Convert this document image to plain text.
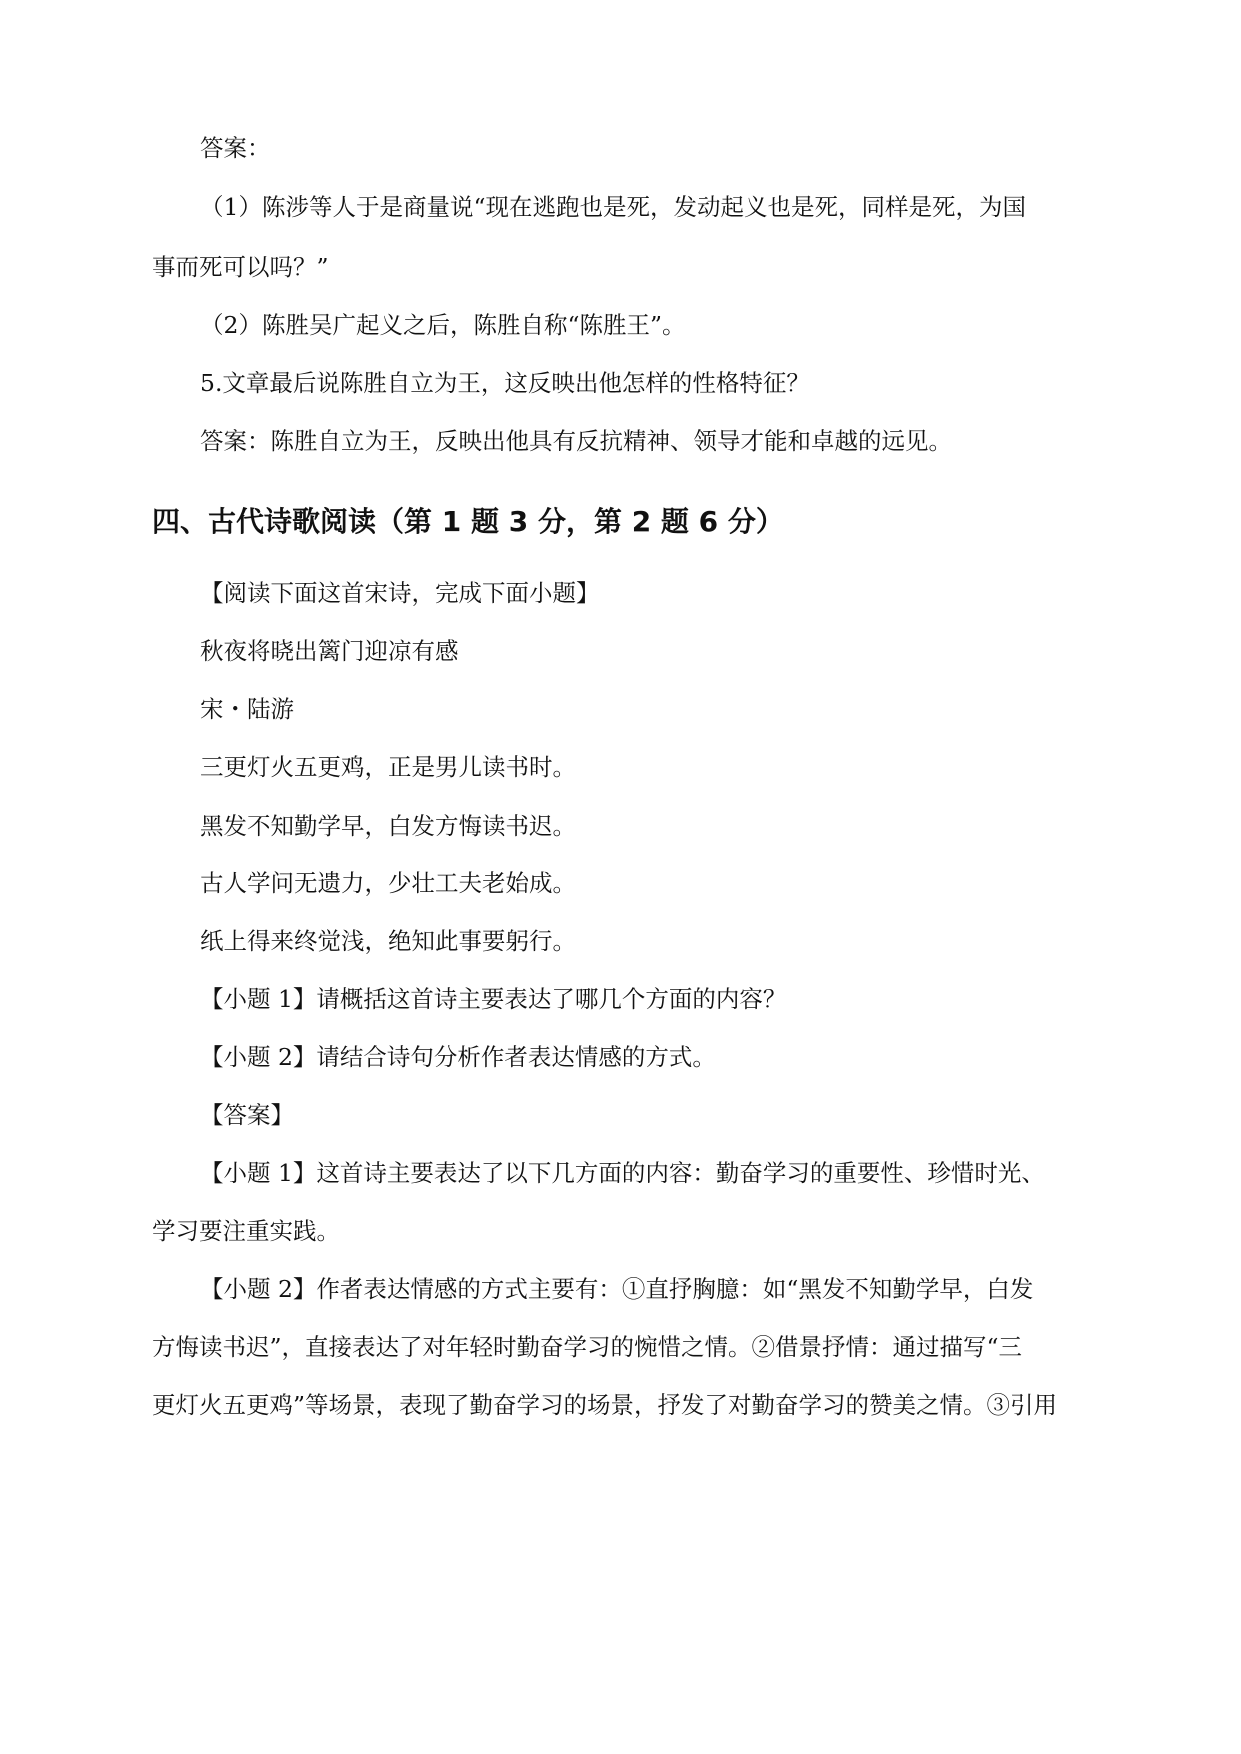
答案：
（1）陈涉等人于是商量说“现在逃跑也是死，发动起义也是死，同样是死，为国
事而死可以吗？”
（2）陈胜吴广起义之后，陈胜自称“陈胜王”。
5.文章最后说陈胜自立为王，这反映出他怎样的性格特征？
答案：陈胜自立为王，反映出他具有反抗精神、领导才能和卓越的远见。
四、古代诗歌阅读（第 1 题 3 分，第 2 题 6 分）
【阅读下面这首宋诗，完成下面小题】
秋夜将晓出篱门迎凉有感
宋・陆游
三更灯火五更鸡，正是男儿读书时。
黑发不知勤学早，白发方悔读书迟。
古人学问无遗力，少壮工夫老始成。
纸上得来终觉浅，绝知此事要躬行。
【小题 1】请概括这首诗主要表达了哪几个方面的内容？
【小题 2】请结合诗句分析作者表达情感的方式。
【答案】
【小题 1】这首诗主要表达了以下几方面的内容：勤奋学习的重要性、珍惜时光、
学习要注重实践。
【小题 2】作者表达情感的方式主要有：①直抒胸臆：如“黑发不知勤学早，白发
方悔读书迟”，直接表达了对年轻时勤奋学习的惋惜之情。②借景抒情：通过描写“三
更灯火五更鸡”等场景，表现了勤奋学习的场景，抒发了对勤奋学习的赞美之情。③引用
